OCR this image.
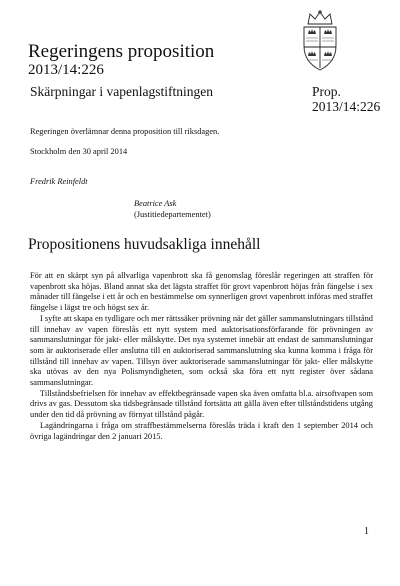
Regeringens proposition
2013/14:226
Skärpningar i vapenlagstiftningen	Prop.
2013/14:226
Regeringen överlämnar denna proposition till riksdagen.
Stockholm den 30 april 2014
Fredrik Reinfeldt
Beatrice Ask
(Justitiedepartementet)
Propositionens huvudsakliga innehåll

För att en skärpt syn på allvarliga vapenbrott ska få genomslag föreslår regeringen att straffen för vapenbrott ska höjas. Bland annat ska det lägsta straffet för grovt vapenbrott höjas från fängelse i sex månader till fängelse i ett år och en bestämmelse om synnerligen grovt vapenbrott införas med straffet fängelse i lägst tre och högst sex år.

I syfte att skapa en tydligare och mer rättssäker prövning när det gäller sammanslutningars tillstånd till innehav av vapen föreslås ett nytt system med auktorisationsförfarande för prövningen av sammanslutningar för jakt- eller målskytte. Det nya systemet innebär att endast de sammanslutningar som är auktoriserade eller anslutna till en auktoriserad sammanslutning ska kunna komma i fråga för tillstånd till innehav av vapen. Tillsyn över auktoriserade sammanslutningar för jakt- eller målskytte ska utövas av den nya Polismyndigheten, som också ska föra ett nytt register över sådana sammanslutningar.

Tillståndsbefrielsen för innehav av effektbegränsade vapen ska även omfatta bl.a. airsoftvapen som drivs av gas. Dessutom ska tidsbegränsade tillstånd fortsätta att gälla även efter tillståndstidens utgång under den tid då prövning av förnyat tillstånd pågår.

Lagändringarna i fråga om straffbestämmelserna föreslås träda i kraft den 1 september 2014 och övriga lagändringar den 2 januari 2015.

1
